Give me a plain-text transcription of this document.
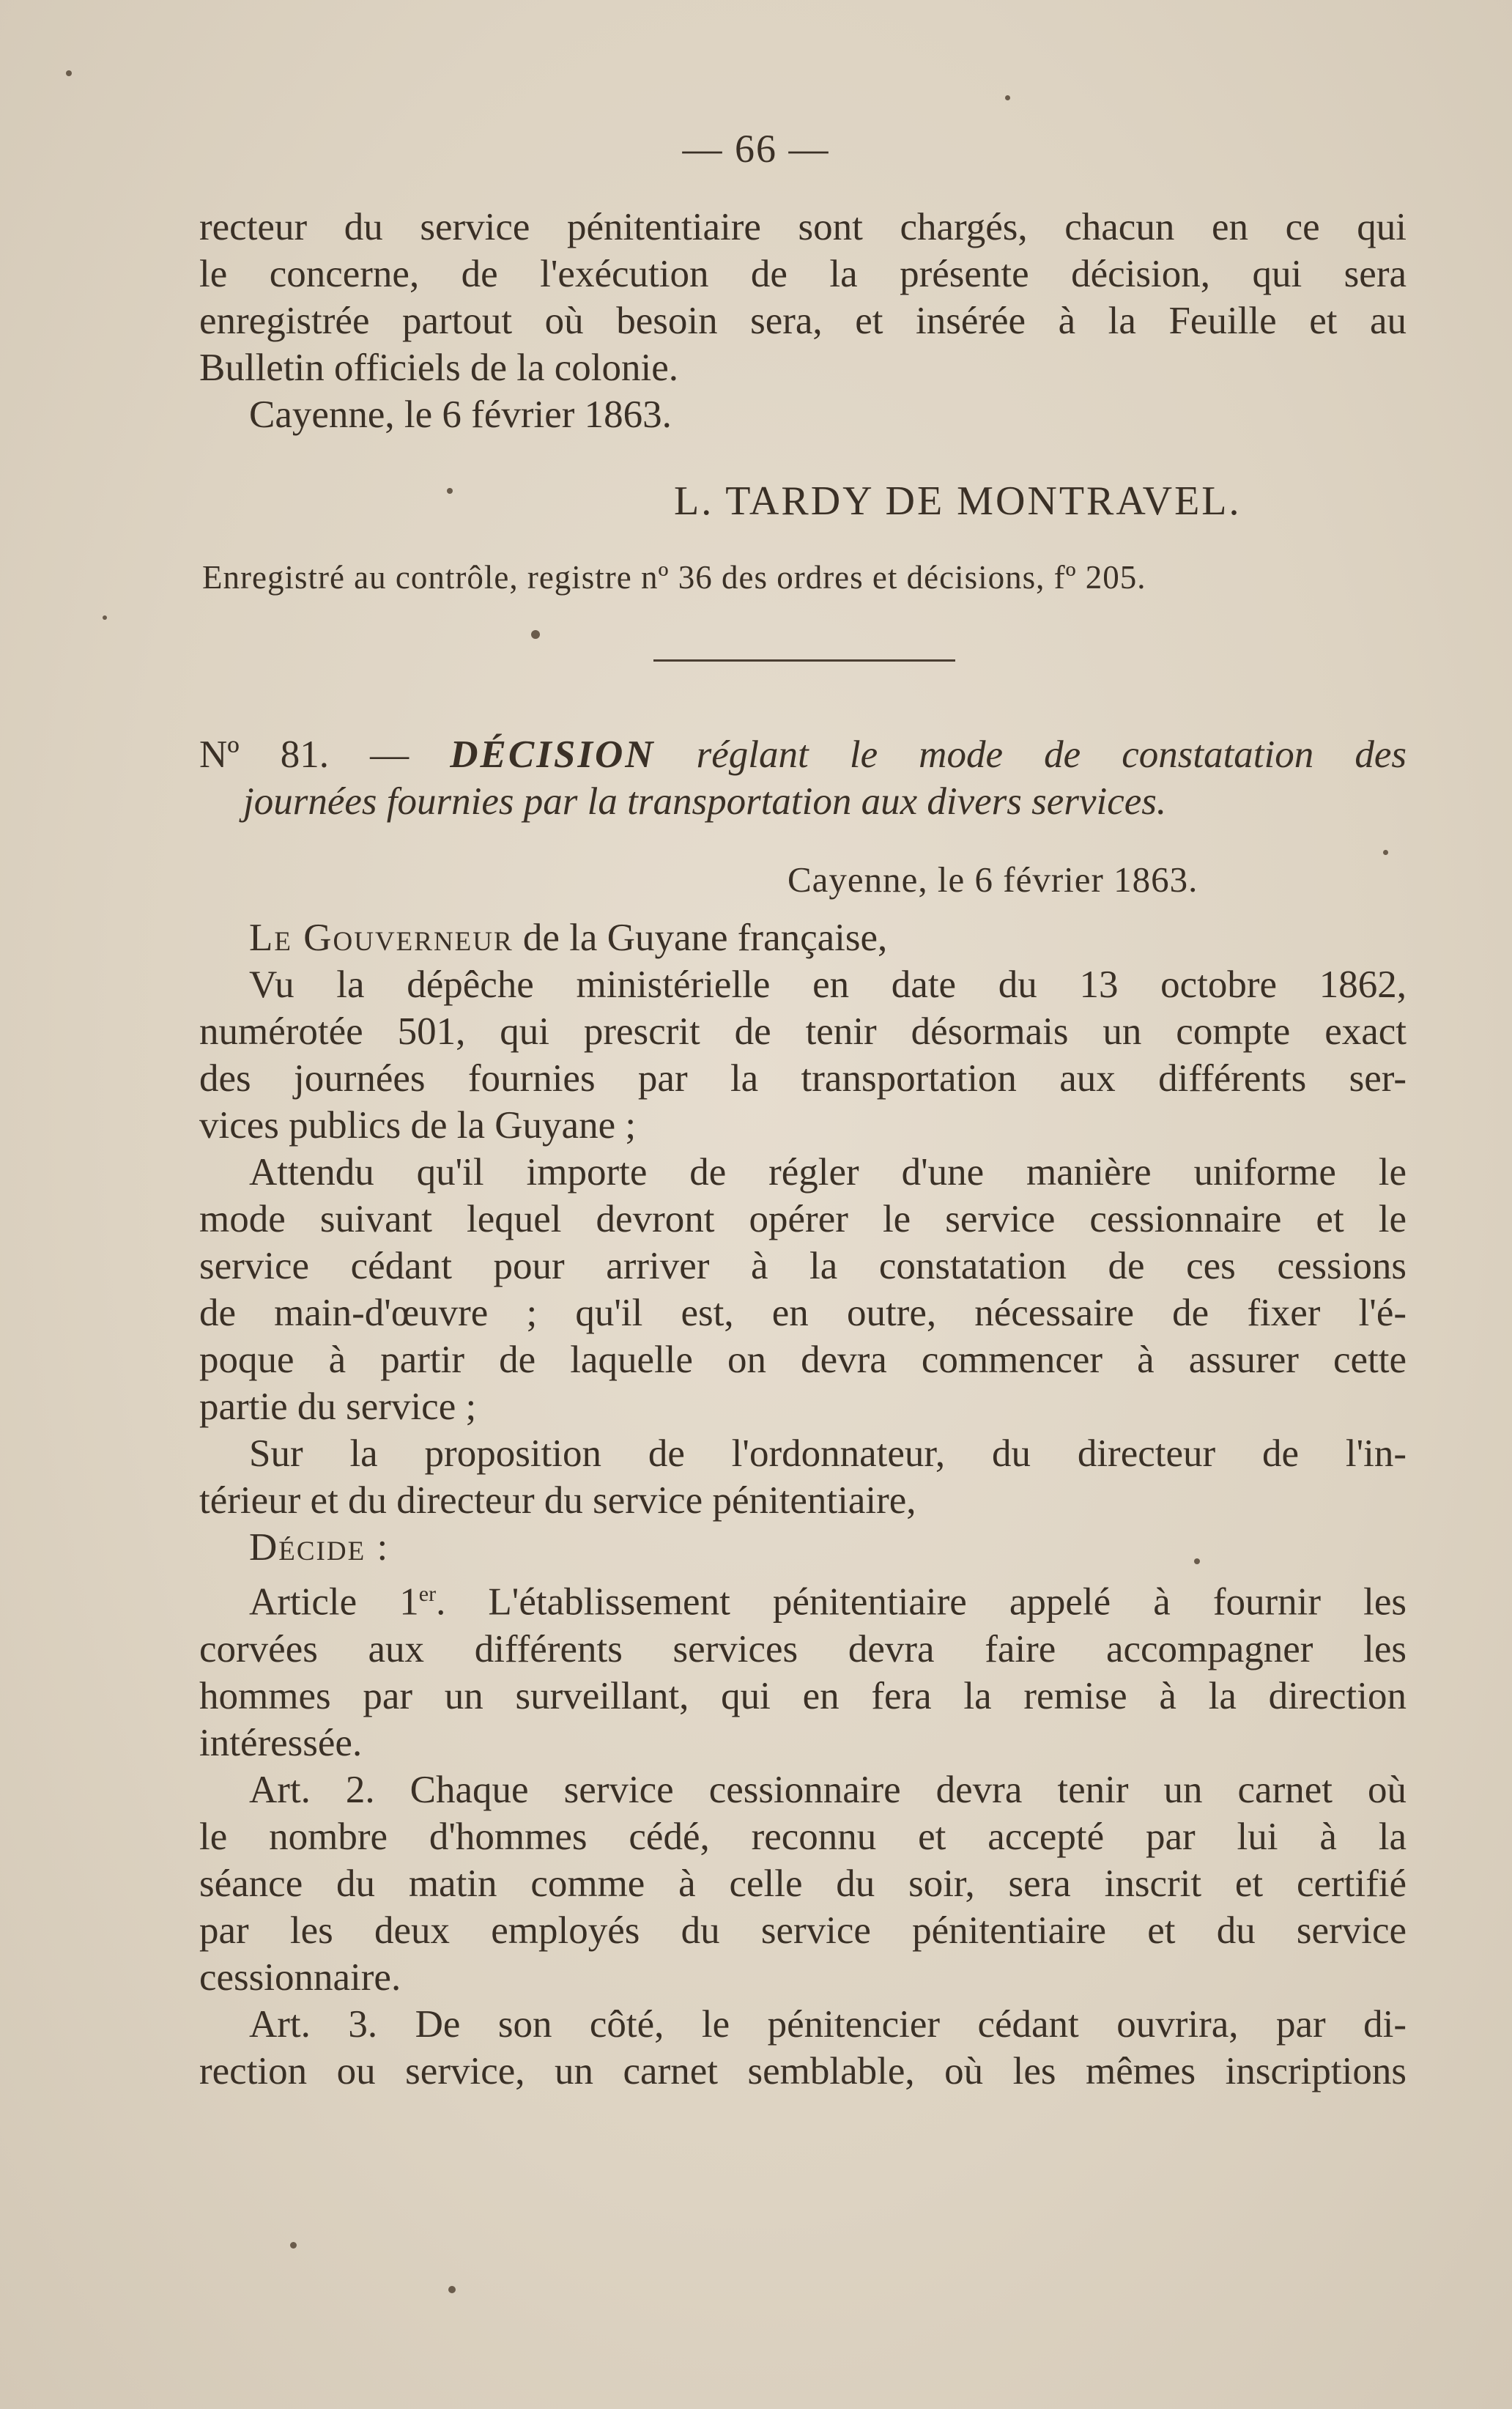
— 66 —
recteur du service pénitentiaire sont chargés, chacun en ce qui
le concerne, de l'exécution de la présente décision, qui sera
enregistrée partout où besoin sera, et insérée à la Feuille et au
Bulletin officiels de la colonie.
Cayenne, le 6 février 1863.
L. TARDY DE MONTRAVEL.
Enregistré au contrôle, registre nº 36 des ordres et décisions, fº 205.
Nº 81. — DÉCISION réglant le mode de constatation des
journées fournies par la transportation aux divers services.
Cayenne, le 6 février 1863.
Le Gouverneur de la Guyane française,
Vu la dépêche ministérielle en date du 13 octobre 1862,
numérotée 501, qui prescrit de tenir désormais un compte exact
des journées fournies par la transportation aux différents ser-
vices publics de la Guyane ;
Attendu qu'il importe de régler d'une manière uniforme le
mode suivant lequel devront opérer le service cessionnaire et le
service cédant pour arriver à la constatation de ces cessions
de main-d'œuvre ; qu'il est, en outre, nécessaire de fixer l'é-
poque à partir de laquelle on devra commencer à assurer cette
partie du service ;
Sur la proposition de l'ordonnateur, du directeur de l'in-
térieur et du directeur du service pénitentiaire,
Décide :
Article 1er. L'établissement pénitentiaire appelé à fournir les
corvées aux différents services devra faire accompagner les
hommes par un surveillant, qui en fera la remise à la direction
intéressée.
Art. 2. Chaque service cessionnaire devra tenir un carnet où
le nombre d'hommes cédé, reconnu et accepté par lui à la
séance du matin comme à celle du soir, sera inscrit et certifié
par les deux employés du service pénitentiaire et du service
cessionnaire.
Art. 3. De son côté, le pénitencier cédant ouvrira, par di-
rection ou service, un carnet semblable, où les mêmes inscriptions
